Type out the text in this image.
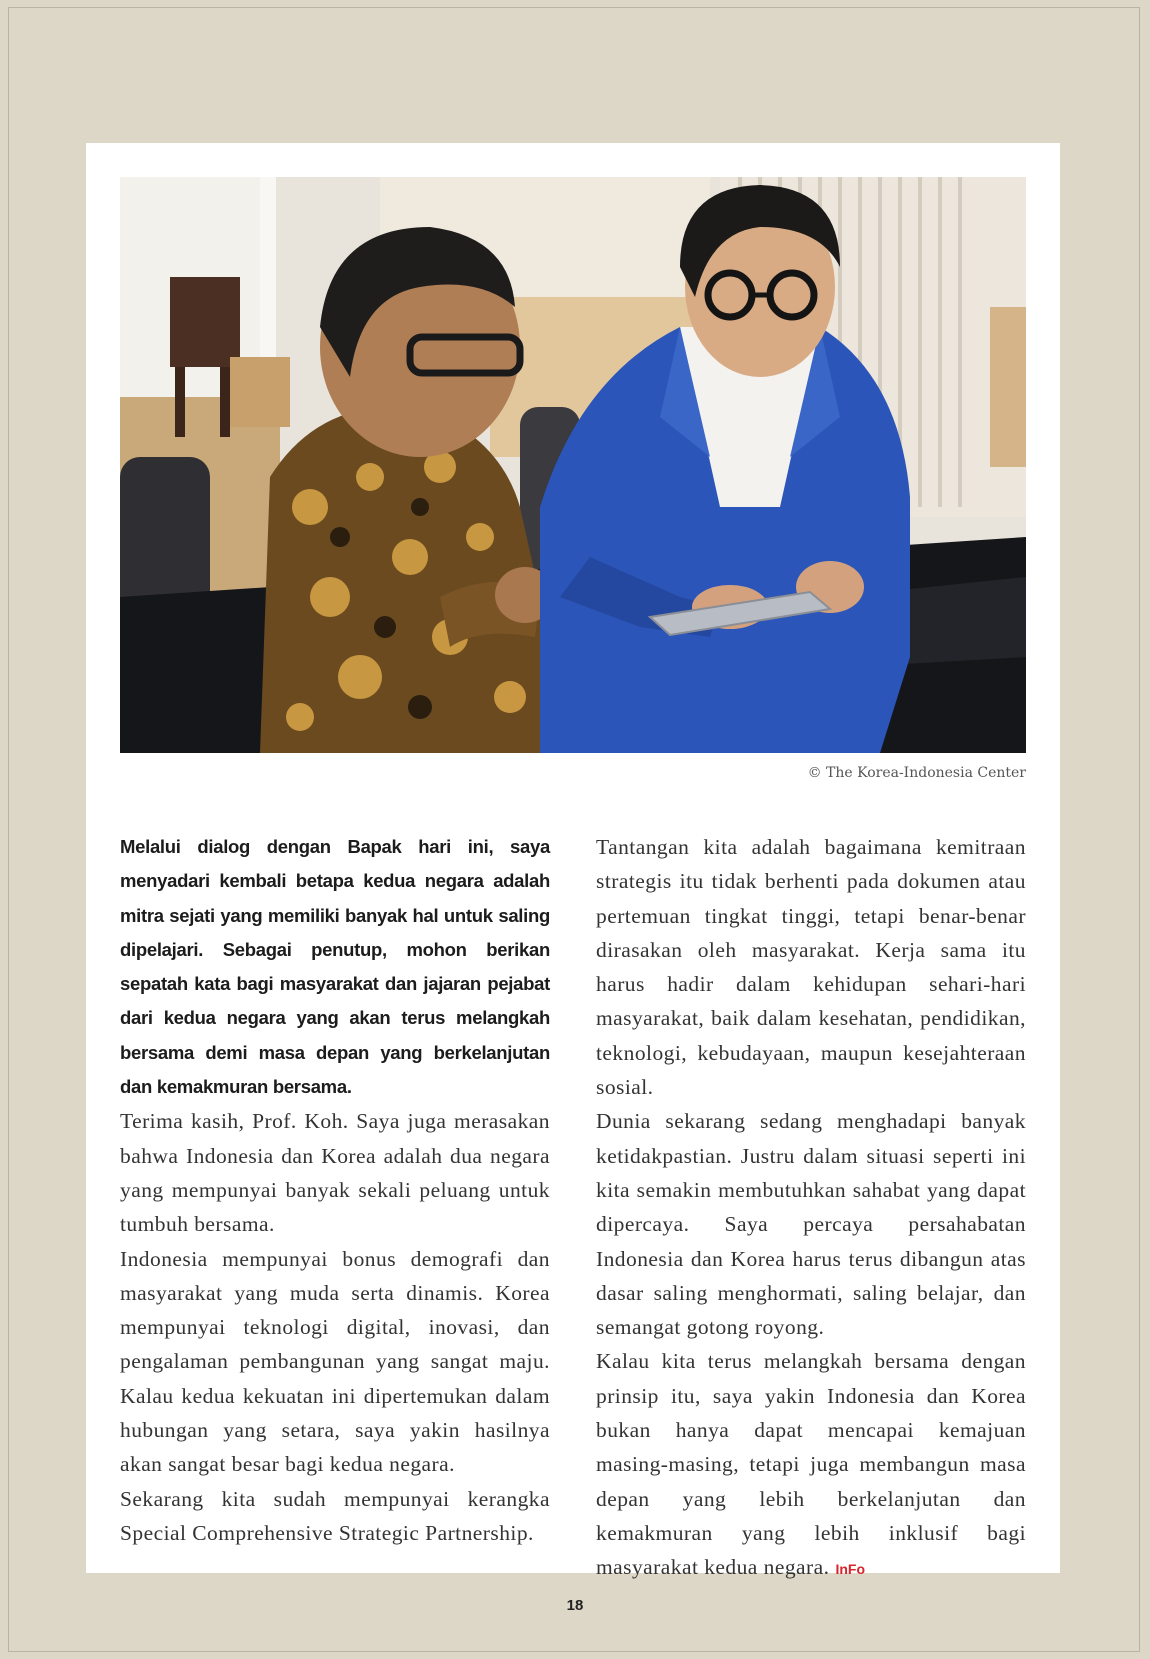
© The Korea-Indonesia Center

Melalui dialog dengan Bapak hari ini, saya menyadari kembali betapa kedua negara adalah mitra sejati yang memiliki banyak hal untuk saling dipelajari. Sebagai penutup, mohon berikan sepatah kata bagi masyarakat dan jajaran pejabat dari kedua negara yang akan terus melangkah bersama demi masa depan yang berkelanjutan dan kemakmuran bersama.

Terima kasih, Prof. Koh. Saya juga merasakan bahwa Indonesia dan Korea adalah dua negara yang mempunyai banyak sekali peluang untuk tumbuh bersama.

Indonesia mempunyai bonus demografi dan masyarakat yang muda serta dinamis. Korea mempunyai teknologi digital, inovasi, dan pengalaman pembangunan yang sangat maju. Kalau kedua kekuatan ini dipertemukan dalam hubungan yang setara, saya yakin hasilnya akan sangat besar bagi kedua negara.

Sekarang kita sudah mempunyai kerangka Special Comprehensive Strategic Partnership.

Tantangan kita adalah bagaimana kemitraan strategis itu tidak berhenti pada dokumen atau pertemuan tingkat tinggi, tetapi benar-benar dirasakan oleh masyarakat. Kerja sama itu harus hadir dalam kehidupan sehari-hari masyarakat, baik dalam kesehatan, pendidikan, teknologi, kebudayaan, maupun kesejahteraan sosial.

Dunia sekarang sedang menghadapi banyak ketidakpastian. Justru dalam situasi seperti ini kita semakin membutuhkan sahabat yang dapat dipercaya. Saya percaya persahabatan Indonesia dan Korea harus terus dibangun atas dasar saling menghormati, saling belajar, dan semangat gotong royong.

Kalau kita terus melangkah bersama dengan prinsip itu, saya yakin Indonesia dan Korea bukan hanya dapat mencapai kemajuan masing-masing, tetapi juga membangun masa depan yang lebih berkelanjutan dan kemakmuran yang lebih inklusif bagi masyarakat kedua negara. InFo

18
